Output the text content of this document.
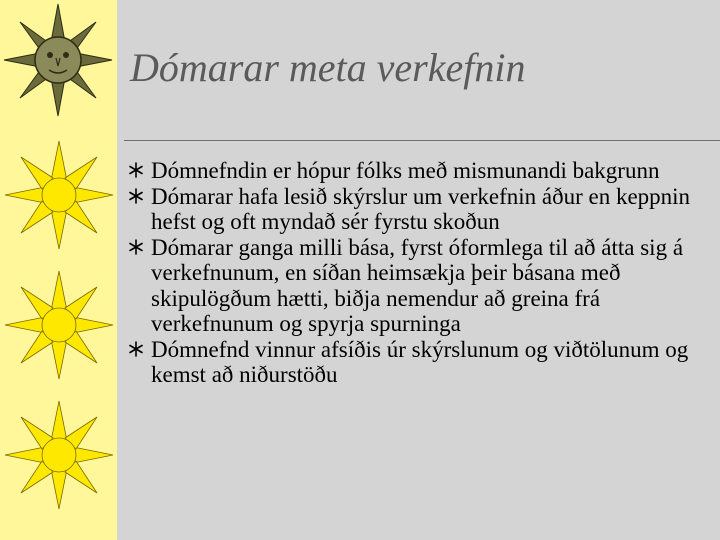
Dómarar meta verkefnin
Dómnefndin er hópur fólks með mismunandi bakgrunn
Dómarar hafa lesið skýrslur um verkefnin áður en keppnin hefst og oft myndað sér fyrstu skoðun
Dómarar ganga milli bása, fyrst óformlega til að átta sig á verkefnunum, en síðan heimsækja þeir básana með skipulögðum hætti, biðja nemendur að greina frá verkefnunum og spyrja spurninga
Dómnefnd vinnur afsíðis úr skýrslunum og viðtölunum og kemst að niðurstöðu
